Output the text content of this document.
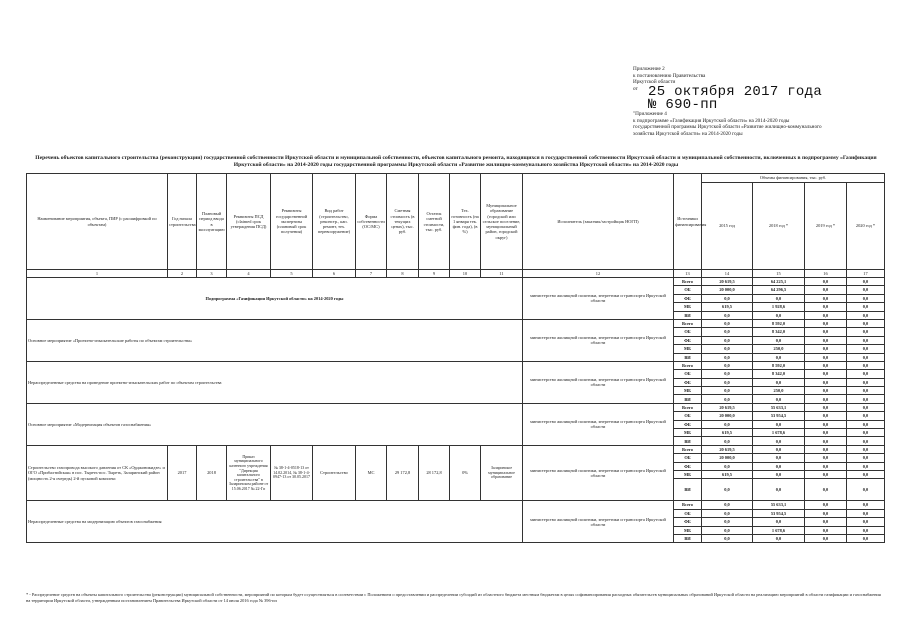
Приложение 2
к постановлению Правительства
Иркутской области
от 25 октября 2017 года
№ 690-пп
"Приложение 4
к подпрограмме «Газификация Иркутской области» на 2014-2020 годы
государственной программы Иркутской области «Развитие жилищно-коммунального
хозяйства Иркутской области» на 2014-2020 годы
Перечень объектов капитального строительства (реконструкции) государственной собственности Иркутской области и муниципальной собственности, объектов капитального ремонта, находящихся в государственной собственности Иркутской области и муниципальной собственности, включенных в подпрограмму «Газификация Иркутской области» на 2014-2020 годы государственной программы Иркутской области «Развитие жилищно-коммунального хозяйства Иркутской области» на 2014-2020 годы
Наименование мероприятия, объекта, ПИР (с расшифровкой по объектам)	Год начала строительства	Плановый период ввода в эксплуатацию	Реквизиты ПСД (claimed срок утверждения ПСД)	Реквизиты государственной экспертизы (плановый срок получения)	Вид работ (строительство, реконстр., кап. ремонт, тех. перевооружение)	Форма собственности (ОС/МС)	Сметная стоимость (в текущих ценах), тыс. руб.	Остаток сметной стоимости, тыс. руб.	Тех. готовность (на 1 января тек. фин. года), (в %)	Муниципальное образование (городской или сельское поселение, муниципальный район, городской округ)	Исполнитель (заказчик/застройщик НОГП)	Источники финансирования	Объемы финансирования, тыс. руб.			
													2015 год	2018 год *	2019 год *	2020 год *
1	2	3	4	5	6	7	8	9	10	11	12	13	14	15	16	17
Подпрограмма «Газификация Иркутской области» на 2014-2020 годы											министерство жилищной политики, энергетики и транспорта Иркутской области	Всего	20 619,5	64 225,1	0,0	0,0
												ОБ	20 000,0	64 296,5	0,0	0,0
												ФБ	0,0	0,0	0,0	0,0
												МБ	619,5	1 928,6	0,0	0,0
												ВИ	0,0	0,0	0,0	0,0
Основное мероприятие «Проектно-изыскательские работы по объектам строительства»											министерство жилищной политики, энергетики и транспорта Иркутской области	Всего	0,0	8 592,0	0,0	0,0
												ОБ	0,0	8 342,0	0,0	0,0
												ФБ	0,0	0,0	0,0	0,0
												МБ	0,0	250,0	0,0	0,0
												ВИ	0,0	0,0	0,0	0,0
Нераспределенные средства на проведение проектно-изыскательских работ по объектам строительства											министерство жилищной политики, энергетики и транспорта Иркутской области	Всего	0,0	8 592,0	0,0	0,0
												ОБ	0,0	8 342,0	0,0	0,0
												ФБ	0,0	0,0	0,0	0,0
												МБ	0,0	250,0	0,0	0,0
												ВИ	0,0	0,0	0,0	0,0
Основное мероприятие «Модернизация объектов газоснабжения»											министерство жилищной политики, энергетики и транспорта Иркутской области	Всего	20 619,5	55 633,1	0,0	0,0
												ОБ	20 000,0	53 954,5	0,0	0,0
												ФБ	0,0	0,0	0,0	0,0
												МБ	619,5	1 678,6	0,0	0,0
												ВИ	0,0	0,0	0,0	0,0
Строительство газопровода высокого давления от СК «Орджоникидзе» и ОГО «Прибалтийская» в пос. Тыреть-пос. Тыреть, Заларинский район (мощность 2-я очередь) 2-й пусковой комплекс	2017	2018	Приказ муниципального казенного учреждения "Дирекция капитального строительства" в Заларинском районе от 15.06.2017 № 22-Гп	№ 38-1-4-0518-13 от 14.02.2014, № 38-1-4-0947-13 от 30.05.2017	Строительство	МС	29 172,8	28 172,8	0%	Заларинское муниципальное образование	министерство жилищной политики, энергетики и транспорта Иркутской области	Всего	20 619,5	0,0	0,0	0,0
												ОБ	20 000,0	0,0	0,0	0,0
												ФБ	0,0	0,0	0,0	0,0
												МБ	619,5	0,0	0,0	0,0
												ВИ	0,0	0,0	0,0	0,0
Нераспределенные средства на модернизацию объектов газоснабжения											министерство жилищной политики, энергетики и транспорта Иркутской области	Всего	0,0	55 633,1	0,0	0,0
												ОБ	0,0	53 954,5	0,0	0,0
												ФБ	0,0	0,0	0,0	0,0
												МБ	0,0	1 678,6	0,0	0,0
												ВИ	0,0	0,0	0,0	0,0
* - Распределение средств на объекты капитального строительства (реконструкции) муниципальной собственности, мероприятий по которым будет осуществляться в соответствии с Положением о предоставлении и распределении субсидий из областного бюджета местным бюджетам в целях софинансирования расходных обязательств муниципальных образований Иркутской области на реализацию мероприятий в области газификации и газоснабжения на территории Иркутской области, утвержденным постановлением Правительства Иркутской области от 14 июля 2016 года № 396-пп
